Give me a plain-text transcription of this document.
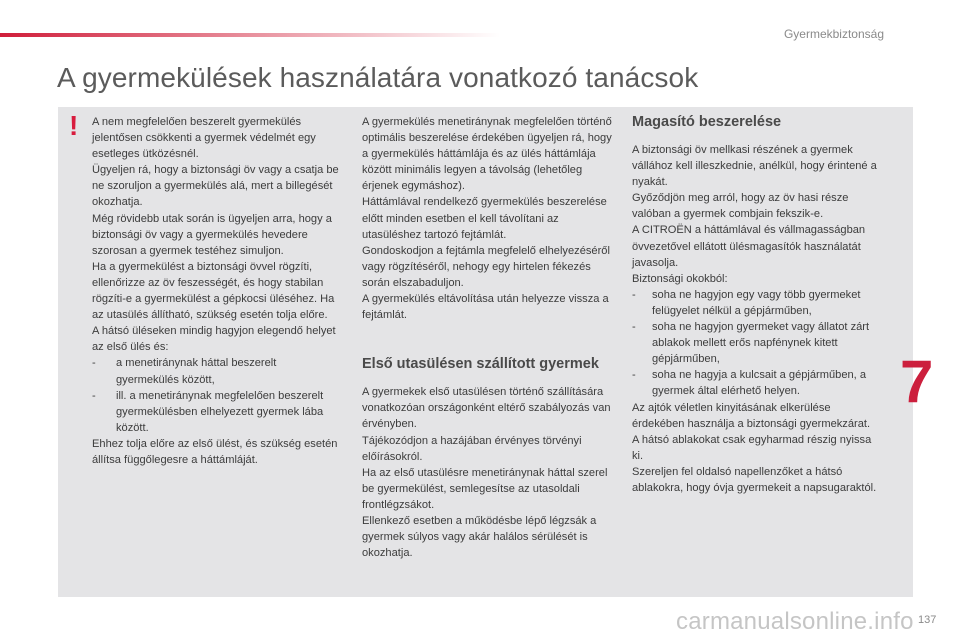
Gyermekbiztonság
A gyermekülések használatára vonatkozó tanácsok
! A nem megfelelően beszerelt gyermekülés jelentősen csökkenti a gyermek védelmét egy esetleges ütközésnél.

Ügyeljen rá, hogy a biztonsági öv vagy a csatja be ne szoruljon a gyermekülés alá, mert a billegését okozhatja.

Még rövidebb utak során is ügyeljen arra, hogy a biztonsági öv vagy a gyermekülés hevedere szorosan a gyermek testéhez simuljon.

Ha a gyermekülést a biztonsági övvel rögzíti, ellenőrizze az öv feszességét, és hogy stabilan rögzíti-e a gyermekülést a gépkocsi üléséhez. Ha az utasülés állítható, szükség esetén tolja előre.

A hátsó üléseken mindig hagyjon elegendő helyet az első ülés és:

- a menetiránynak háttal beszerelt gyermekülés között,

- ill. a menetiránynak megfelelően beszerelt gyermekülésben elhelyezett gyermek lába között.

Ehhez tolja előre az első ülést, és szükség esetén állítsa függőlegesre a háttámláját.

A gyermekülés menetiránynak megfelelően történő optimális beszerelése érdekében ügyeljen rá, hogy a gyermekülés háttámlája és az ülés háttámlája között minimális legyen a távolság (lehetőleg érjenek egymáshoz).

Háttámlával rendelkező gyermekülés beszerelése előtt minden esetben el kell távolítani az utasüléshez tartozó fejtámlát.

Gondoskodjon a fejtámla megfelelő elhelyezéséről vagy rögzítéséről, nehogy egy hirtelen fékezés során elszabaduljon.

A gyermekülés eltávolítása után helyezze vissza a fejtámlát.

Első utasülésen szállított gyermek

A gyermekek első utasülésen történő szállítására vonatkozóan országonként eltérő szabályozás van érvényben.

Tájékozódjon a hazájában érvényes törvényi előírásokról.

Ha az első utasülésre menetiránynak háttal szerel be gyermekülést, semlegesítse az utasoldali frontlégzsákot.

Ellenkező esetben a működésbe lépő légzsák a gyermek súlyos vagy akár halálos sérülését is okozhatja.

Magasító beszerelése

A biztonsági öv mellkasi részének a gyermek vállához kell illeszkednie, anélkül, hogy érintené a nyakát.

Győződjön meg arról, hogy az öv hasi része valóban a gyermek combjain fekszik-e.

A CITROËN a háttámlával és vállmagasságban övvezetővel ellátott ülésmagasítók használatát javasolja.

Biztonsági okokból:

- soha ne hagyjon egy vagy több gyermeket felügyelet nélkül a gépjárműben,

- soha ne hagyjon gyermeket vagy állatot zárt ablakok mellett erős napfénynek kitett gépjárműben,

- soha ne hagyja a kulcsait a gépjárműben, a gyermek által elérhető helyen.

Az ajtók véletlen kinyitásának elkerülése érdekében használja a biztonsági gyermekzárat.

A hátsó ablakokat csak egyharmad részig nyissa ki.

Szereljen fel oldalsó napellenzőket a hátsó ablakokra, hogy óvja gyermekeit a napsugaraktól.

7
carmanualsonline.info 137
